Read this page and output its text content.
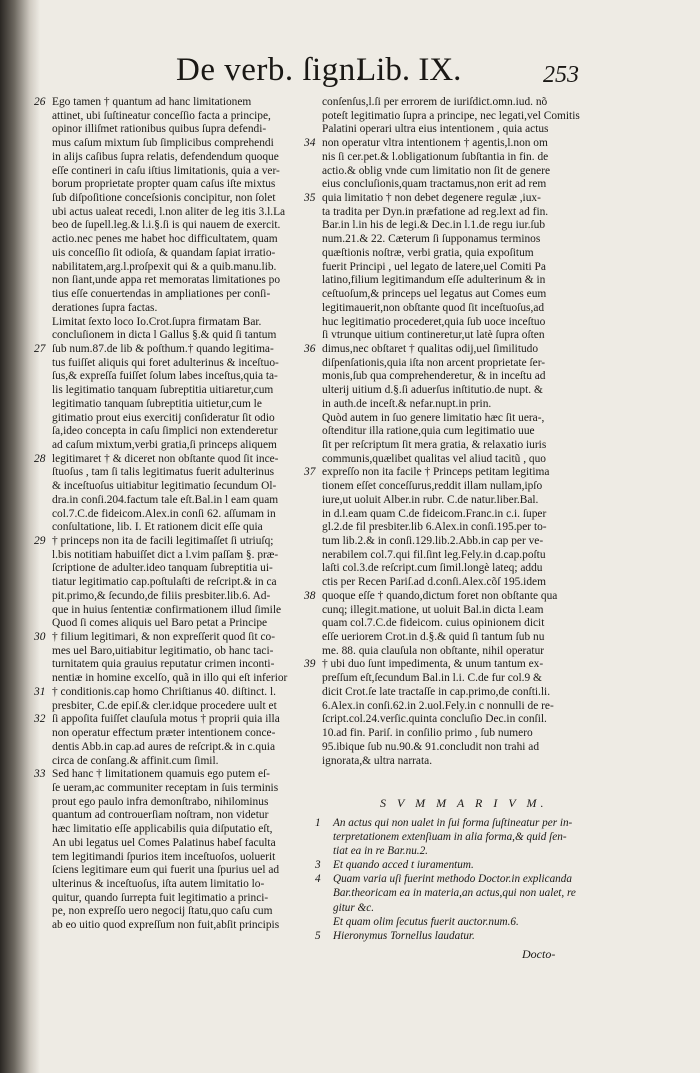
De verb. ſign.
Lib. IX.	253
26 Ego tamen † quantum ad hanc limitationem
attinet, ubi ſuſtineatur conceſſio facta a principe,
opinor illiſmet rationibus quibus ſupra defendi-
mus caſum mixtum ſub ſimplicibus comprehendi
in alijs caſibus ſupra relatis, defendendum quoque
eſſe contineri in caſu iſtius limitationis, quia a ver-
borum proprietate propter quam caſus iſte mixtus
ſub diſpoſitione conceſsionis concipitur, non ſolet
ubi actus ualeat recedi, l.non aliter de leg itis 3.l.La
beo de ſupell.leg.& l.i.§.ſi is qui nauem de exercit.
actio.nec penes me habet hoc difficultatem, quam
uis conceſſio ſit odioſa, & quandam ſapiat irratio-
nabilitatem,arg.l.proſpexit qui & a quib.manu.lib.
non ſiant,unde appa ret memoratas limitationes po
tius eſſe conuertendas in ampliationes per conſi-
derationes ſupra factas.
Limitat ſexto loco Io.Crot.ſupra firmatam Bar.
concluſionem in dicta l Gallus §.& quid ſi tantum
27 ſub num.87.de lib & poſthum.† quando legitima-
tus fuiſſet aliquis qui foret adulterinus & inceſtuo-
ſus,& expreſſa fuiſſet ſolum labes inceſtus,quia ta-
lis legitimatio tanquam ſubreptitia uitiaretur,cum
legitimatio tanquam ſubreptitia uitietur,cum le
gitimatio prout eius exercitij conſideratur ſit odio
ſa,ideo concepta in caſu ſimplici non extenderetur
ad caſum mixtum,verbi gratia,ſi princeps aliquem
28 legitimaret † & diceret non obſtante quod ſit ince-
ſtuoſus , tam ſi talis legitimatus fuerit adulterinus
& inceſtuoſus uitiabitur legitimatio ſecundum Ol-
dra.in conſi.204.factum tale eſt.Bal.in l eam quam
col.7.C.de fideicom.Alex.in conſi 62. aſſumam in
conſultatione, lib. I. Et rationem dicit eſſe quia
29 † princeps non ita de facili legitimaſſet ſi utriuſq;
l.bis notitiam habuiſſet dict a l.vim paſſam §. præ-
ſcriptione de adulter.ideo tanquam ſubreptitia ui-
tiatur legitimatio cap.poſtulaſti de reſcript.& in ca
pit.primo,& ſecundo,de filiis presbiter.lib.6. Ad-
que in huius ſententiæ confirmationem illud ſimile
Quod ſi comes aliquis uel Baro petat a Principe
30 † filium legitimari, & non expreſſerit quod ſit co-
mes uel Baro,uitiabitur legitimatio, ob hanc taci-
turnitatem quia grauius reputatur crimen inconti-
nentiæ in homine excelſo, quã in illo qui eſt inferior
31 † conditionis.cap homo Chriſtianus 40. diſtinct. l.
presbiter, C.de epiſ.& cler.idque procedere uult et
32 ſi appoſita fuiſſet clauſula motus † proprii quia illa
non operatur effectum præter intentionem conce-
dentis Abb.in cap.ad aures de reſcript.& in c.quia
circa de conſang.& affinit.cum ſimil.
33 Sed hanc † limitationem quamuis ego putem eſ-
ſe ueram,ac communiter receptam in ſuis terminis
prout ego paulo infra demonſtrabo, nihilominus
quantum ad controuerſiam noſtram, non videtur
hæc limitatio eſſe applicabilis quia diſputatio eſt,
An ubi legatus uel Comes Palatinus habeſ faculta
tem legitimandi ſpurios item inceſtuoſos, uoluerit
ſciens legitimare eum qui fuerit una ſpurius uel ad
ulterinus & inceſtuoſus, iſta autem limitatio lo-
quitur, quando ſurrepta fuit legitimatio a princi-
pe, non expreſſo uero negocij ſtatu,quo caſu cum
ab eo uitio quod expreſſum non fuit,abſit principis
conſenſus,l.ſi per errorem de iuriſdict.omn.iud. nõ
poteſt legitimatio ſupra a principe, nec legati,vel Comitis
Palatini operari ultra eius intentionem , quia actus
34 non operatur vltra intentionem † agentis,l.non om
nis ſi cer.pet.& l.obligationum ſubſtantia in fin. de
actio.& oblig vnde cum limitatio non ſit de genere
eius concluſionis,quam tractamus,non erit ad rem
35 quia limitatio † non debet degenere regulæ ,iux-
ta tradita per Dyn.in præfatione ad reg.lext ad fin.
Bar.in l.in his de legi.& Dec.in l.1.de regu iur.ſub
num.21.& 22. Cæterum ſi ſupponamus terminos
quæſtionis noſtræ, verbi gratia, quia expoſitum
fuerit Principi , uel legato de latere,uel Comiti Pa
latino,filium legitimandum eſſe adulterinum & in
ceſtuoſum,& princeps uel legatus aut Comes eum
legitimauerit,non obſtante quod ſit inceſtuoſus,ad
huc legitimatio procederet,quia ſub uoce inceſtuo
ſi vtrunque uitium contineretur,ut latè ſupra oſten
36 dimus,nec obſtaret † qualitas odij,uel ſimilitudo
diſpenſationis,quia iſta non arcent proprietate ſer-
monis,ſub qua comprehenderetur, & in inceſtu ad
ulterij uitium d.§.ſi aduerſus inſtitutio.de nupt. &
in auth.de inceſt.& nefar.nupt.in prin.
Quòd autem in ſuo genere limitatio hæc ſit uera-,
oſtenditur illa ratione,quia cum legitimatio uue
ſit per reſcriptum ſit mera gratia, & relaxatio iuris
communis,quælibet qualitas vel aliud tacitũ , quo
37 expreſſo non ita facile † Princeps petitam legitima
tionem eſſet conceſſurus,reddit illam nullam,ipſo
iure,ut uoluit Alber.in rubr. C.de natur.liber.Bal.
in d.l.eam quam C.de fideicom.Franc.in c.i. ſuper
gl.2.de fil presbiter.lib 6.Alex.in conſi.195.per to-
tum lib.2.& in conſi.129.lib.2.Abb.in cap per ve-
nerabilem col.7.qui fil.ſint leg.Fely.in d.cap.poſtu
laſti col.3.de reſcript.cum ſimil.longè lateq; addu
ctis per Recen Pariſ.ad d.conſi.Alex.cõſ 195.idem
38 quoque eſſe † quando,dictum foret non obſtante qua
cunq; illegit.matione, ut uoluit Bal.in dicta l.eam
quam col.7.C.de fideicom. cuius opinionem dicit
eſſe ueriorem Crot.in d.§.& quid ſi tantum ſub nu
me. 88. quia clauſula non obſtante, nihil operatur
39 † ubi duo ſunt impedimenta, & unum tantum ex-
preſſum eſt,ſecundum Bal.in l.i. C.de fur col.9 &
dicit Crot.ſe late tractaſſe in cap.primo,de conſti.li.
6.Alex.in conſi.62.in 2.uol.Fely.in c nonnulli de re-
ſcript.col.24.verſic.quinta concluſio Dec.in conſil.
10.ad fin. Pariſ. in conſilio primo , ſub numero
95.ibique ſub nu.90.& 91.concludit non trahi ad
ignorata,& ultra narrata.
S V M M A R I V M.
1 An actus qui non ualet in ſui forma ſuſtineatur per in-
terpretationem extenſiuam in alia forma,& quid ſen-
tiat ea in re Bar.nu.2.
3 Et quando acced t iuramentum.
4 Quam varia uſi fuerint methodo Doctor.in explicanda
Bar.theoricam ea in materia,an actus,qui non ualet, re
gitur &c.
Et quam olim ſecutus fuerit auctor.num.6.
5 Hieronymus Tornellus laudatur.
Docto-
